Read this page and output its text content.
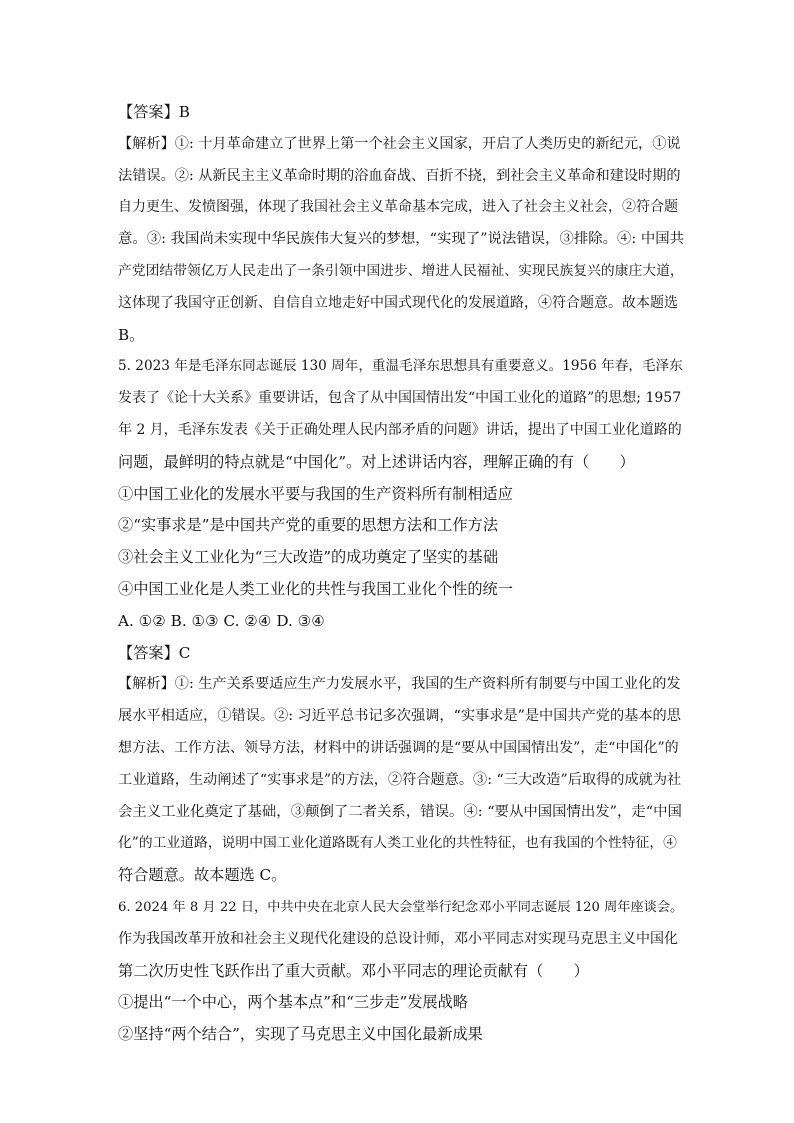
【答案】B

【解析】①: 十月革命建立了世界上第一个社会主义国家，开启了人类历史的新纪元，①说

法错误。②: 从新民主主义革命时期的浴血奋战、百折不挠，到社会主义革命和建设时期的

自力更生、发愤图强，体现了我国社会主义革命基本完成，进入了社会主义社会，②符合题

意。③: 我国尚未实现中华民族伟大复兴的梦想，“实现了”说法错误，③排除。④: 中国共

产党团结带领亿万人民走出了一条引领中国进步、增进人民福祉、实现民族复兴的康庄大道，

这体现了我国守正创新、自信自立地走好中国式现代化的发展道路，④符合题意。故本题选

B。

5. 2023 年是毛泽东同志诞辰 130 周年，重温毛泽东思想具有重要意义。1956 年春，毛泽东

发表了《论十大关系》重要讲话，包含了从中国国情出发“中国工业化的道路”的思想; 1957

年 2 月，毛泽东发表《关于正确处理人民内部矛盾的问题》讲话，提出了中国工业化道路的

问题，最鲜明的特点就是“中国化”。对上述讲话内容，理解正确的有（　　）

①中国工业化的发展水平要与我国的生产资料所有制相适应

②“实事求是”是中国共产党的重要的思想方法和工作方法

③社会主义工业化为“三大改造”的成功奠定了坚实的基础

④中国工业化是人类工业化的共性与我国工业化个性的统一

A. ①② B. ①③ C. ②④ D. ③④

【答案】C

【解析】①: 生产关系要适应生产力发展水平，我国的生产资料所有制要与中国工业化的发

展水平相适应，①错误。②: 习近平总书记多次强调，“实事求是”是中国共产党的基本的思

想方法、工作方法、领导方法，材料中的讲话强调的是“要从中国国情出发”，走“中国化”的

工业道路，生动阐述了“实事求是”的方法，②符合题意。③: “三大改造”后取得的成就为社

会主义工业化奠定了基础，③颠倒了二者关系，错误。④: “要从中国国情出发”，走“中国

化”的工业道路，说明中国工业化道路既有人类工业化的共性特征，也有我国的个性特征，④

符合题意。故本题选 C。

6. 2024 年 8 月 22 日，中共中央在北京人民大会堂举行纪念邓小平同志诞辰 120 周年座谈会。

作为我国改革开放和社会主义现代化建设的总设计师，邓小平同志对实现马克思主义中国化

第二次历史性飞跃作出了重大贡献。邓小平同志的理论贡献有（　　）

①提出“一个中心，两个基本点”和“三步走”发展战略

②坚持“两个结合”，实现了马克思主义中国化最新成果
